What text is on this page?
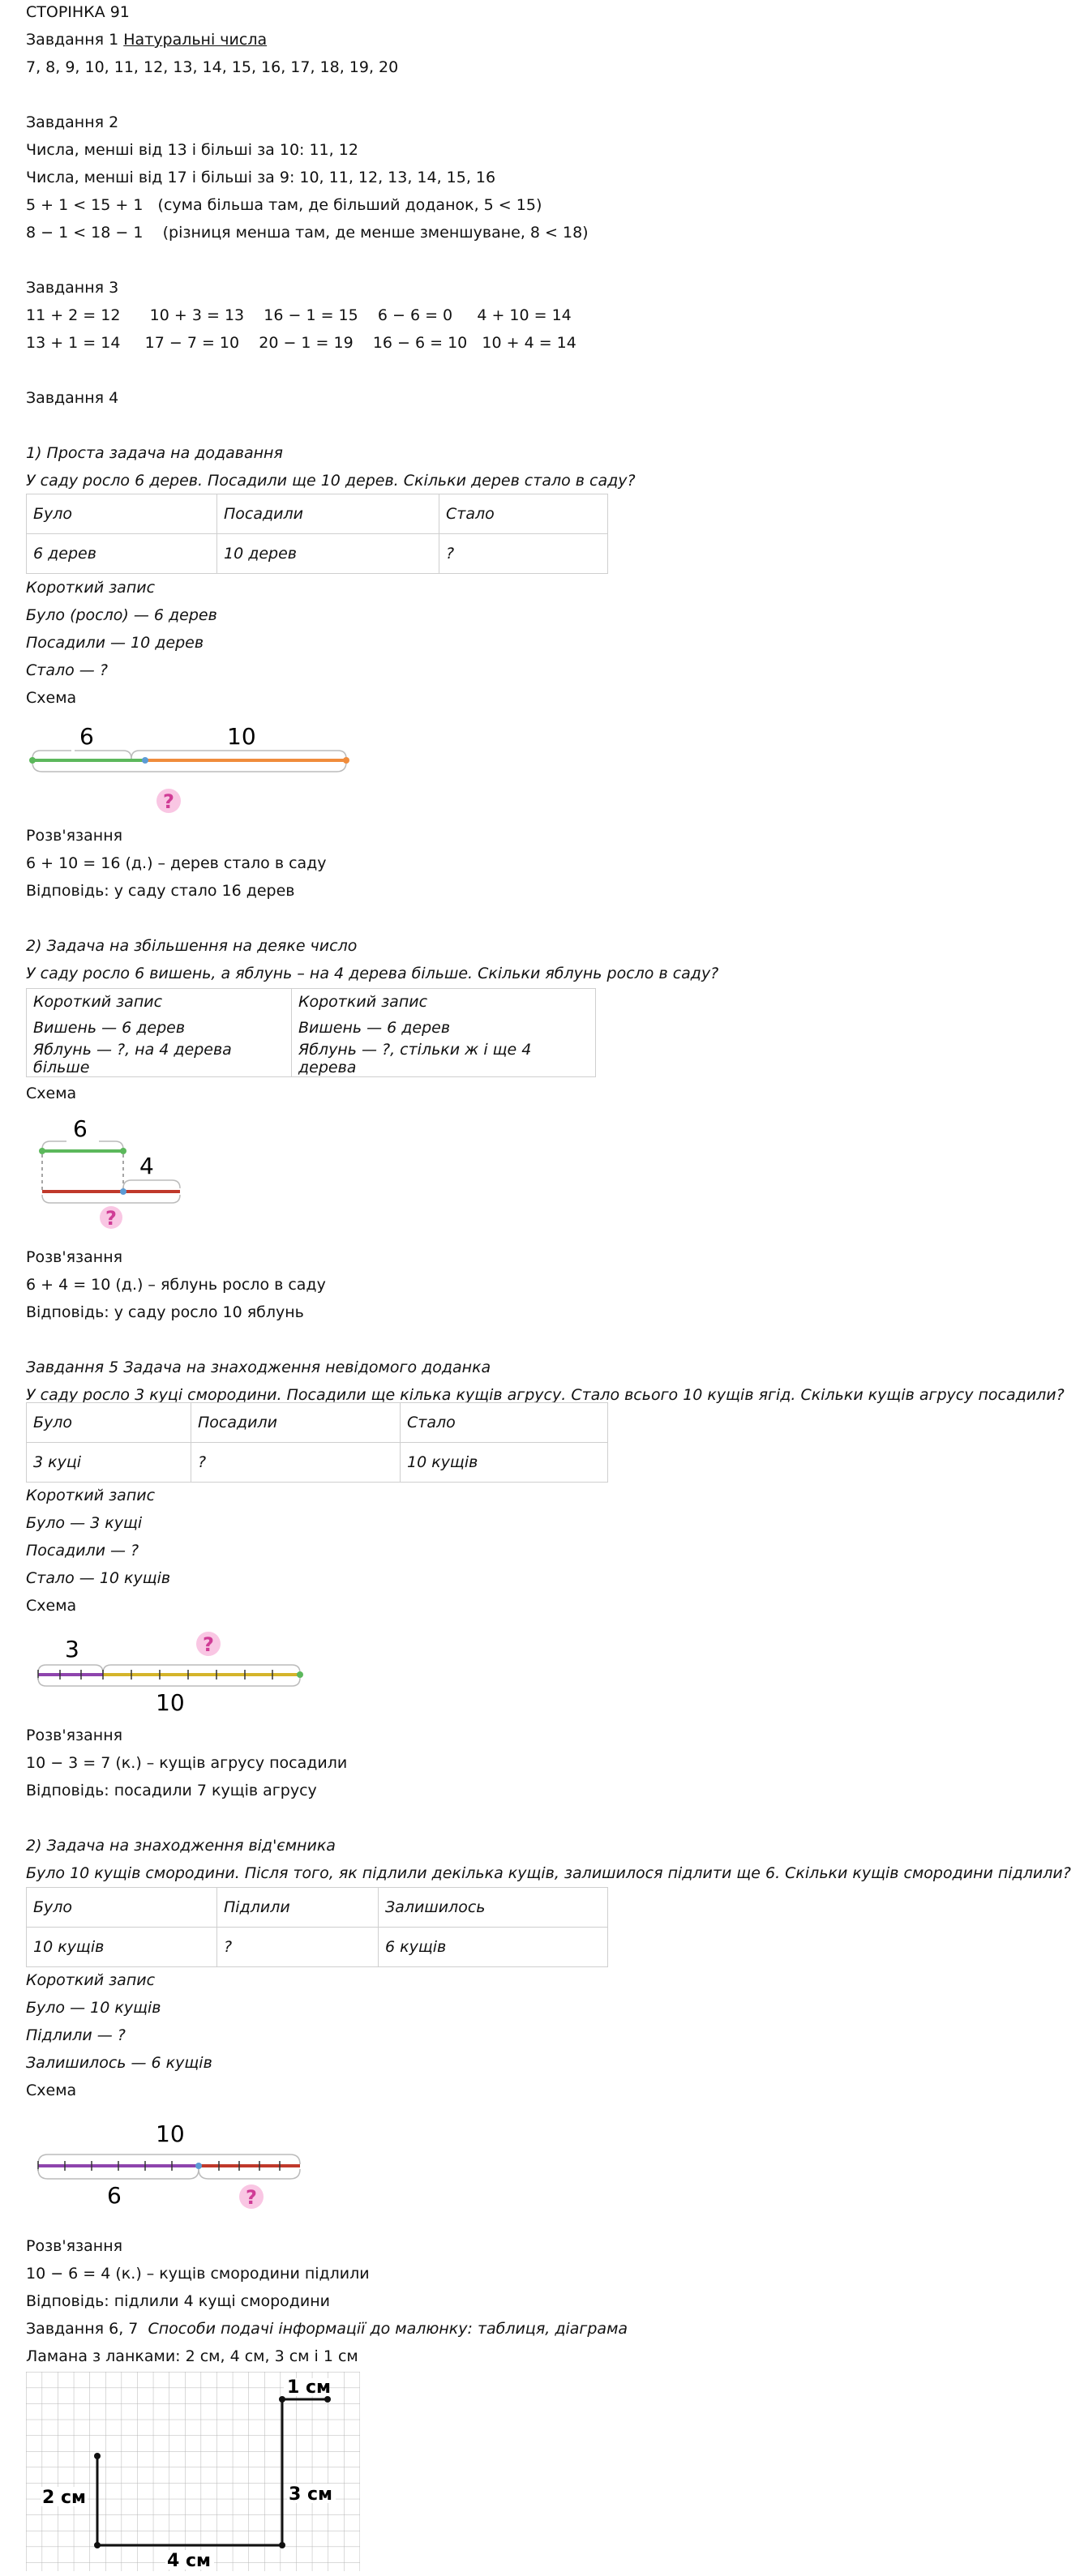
СТОРІНКА 91
Завдання 1 Натуральні числа
7, 8, 9, 10, 11, 12, 13, 14, 15, 16, 17, 18, 19, 20
Завдання 2
Числа, менші від 13 і більші за 10: 11, 12
Числа, менші від 17 і більші за 9: 10, 11, 12, 13, 14, 15, 16
5 + 1 < 15 + 1   (сума більша там, де більший доданок, 5 < 15)
8 − 1 < 18 − 1    (різниця менша там, де менше зменшуване, 8 < 18)
Завдання 3
11 + 2 = 12      10 + 3 = 13    16 − 1 = 15    6 − 6 = 0     4 + 10 = 14
13 + 1 = 14     17 − 7 = 10    20 − 1 = 19    16 − 6 = 10   10 + 4 = 14
Завдання 4
1) Проста задача на додавання
У саду росло 6 дерев. Посадили ще 10 дерев. Скільки дерев стало в саду?
Було	Посадили	Стало
6 дерев	10 дерев	?
Короткий запис
Було (росло) — 6 дерев
Посадили — 10 дерев
Стало — ?
Схема
6	10
?
Розв'язання
6 + 10 = 16 (д.) – дерев стало в саду
Відповідь: у саду стало 16 дерев
2) Задача на збільшення на деяке число
У саду росло 6 вишень, а яблунь – на 4 дерева більше. Скільки яблунь росло в саду?
Короткий запис	Короткий запис
Вишень — 6 дерев	Вишень — 6 дерев
Яблунь — ?, на 4 дерева більше	Яблунь — ?, стільки ж і ще 4 дерева
Схема
6
4
?
Розв'язання
6 + 4 = 10 (д.) – яблунь росло в саду
Відповідь: у саду росло 10 яблунь
Завдання 5 Задача на знаходження невідомого доданка
У саду росло 3 куці смородини. Посадили ще кілька кущів агрусу. Стало всього 10 кущів ягід. Скільки кущів агрусу посадили?
Було	Посадили	Стало
3 куці	?	10 кущів
Короткий запис
Було — 3 кущі
Посадили — ?
Стало — 10 кущів
Схема
3	?
10
Розв'язання
10 − 3 = 7 (к.) – кущів агрусу посадили
Відповідь: посадили 7 кущів агрусу
2) Задача на знаходження від'ємника
Було 10 кущів смородини. Після того, як підлили декілька кущів, залишилося підлити ще 6. Скільки кущів смородини підлили?
Було	Підлили	Залишилось
10 кущів	?	6 кущів
Короткий запис
Було — 10 кущів
Підлили — ?
Залишилось — 6 кущів
Схема
10
6	?
Розв'язання
10 − 6 = 4 (к.) – кущів смородини підлили
Відповідь: підлили 4 кущі смородини
Завдання 6, 7 Способи подачі інформації до малюнку: таблиця, діаграма
Ламана з ланками: 2 см, 4 см, 3 см і 1 см
1 см
2 см	3 см
4 см
